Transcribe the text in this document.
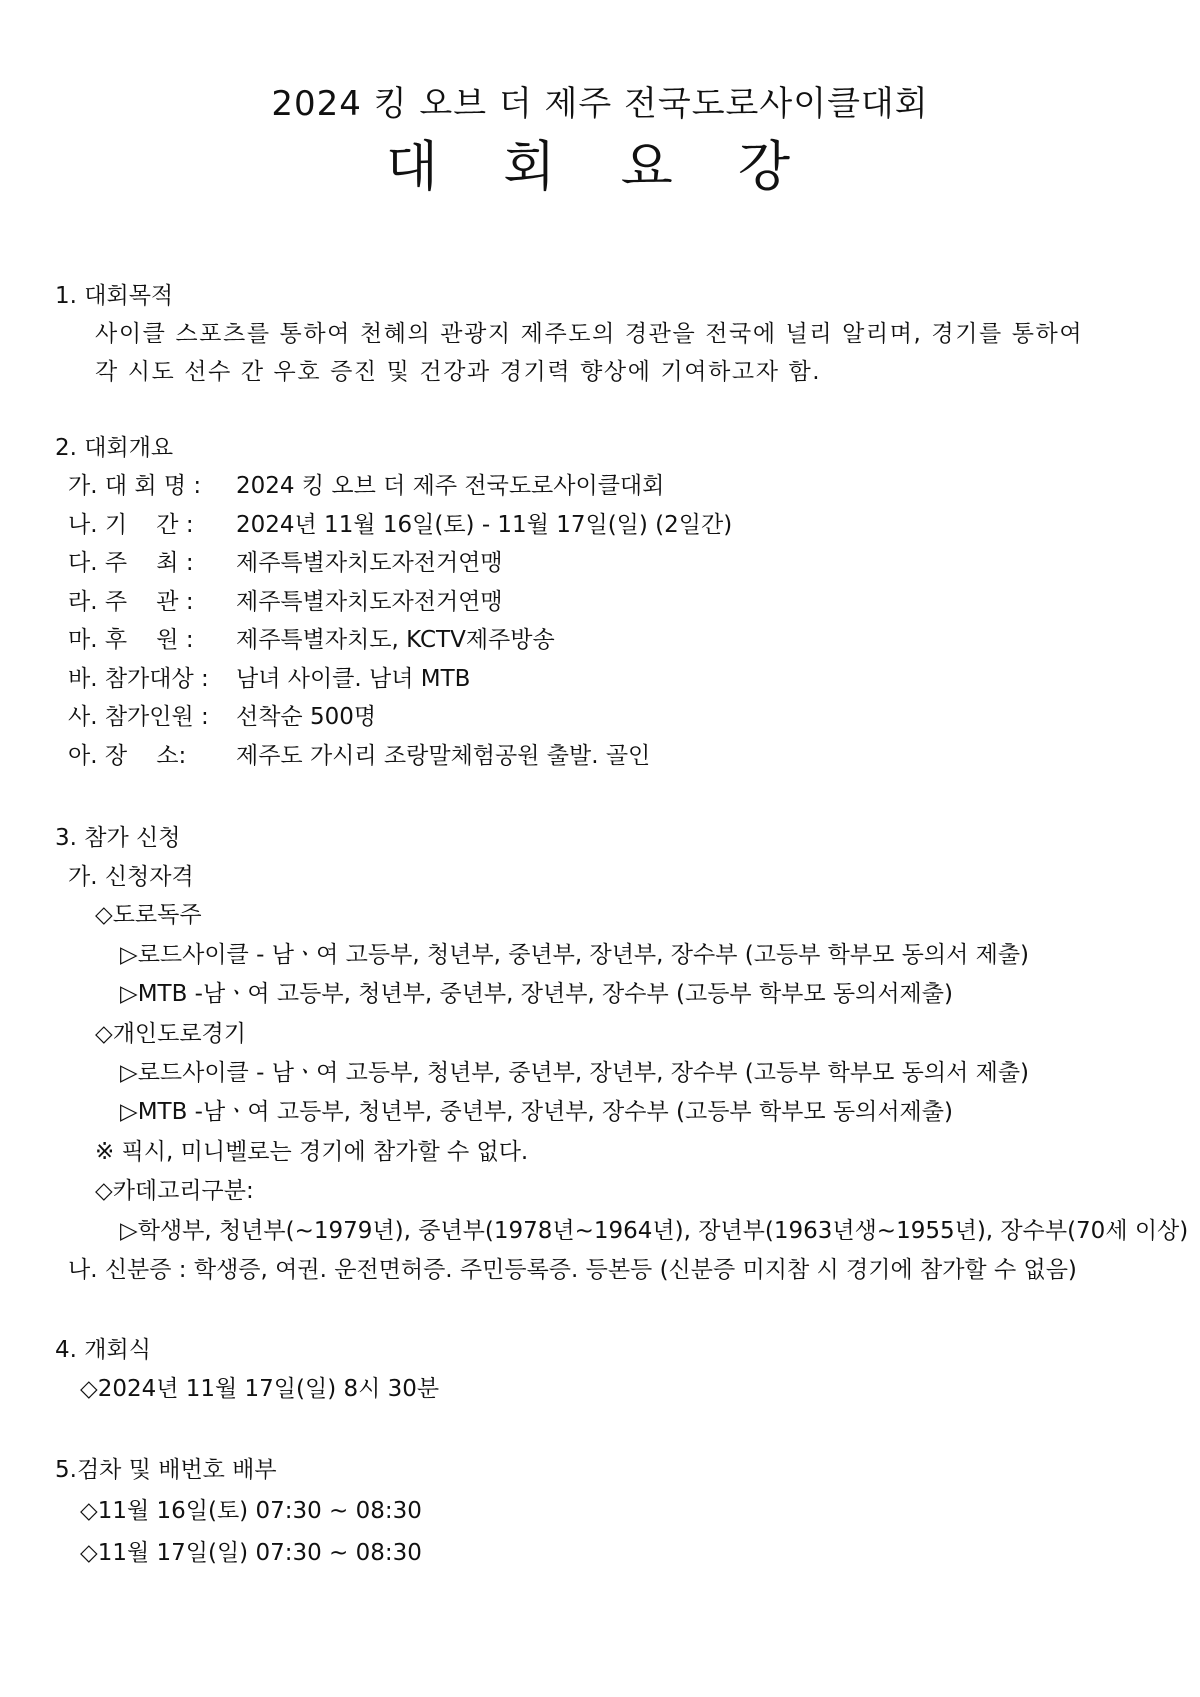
2024 킹 오브 더 제주 전국도로사이클대회
대 회 요 강
1. 대회목적
사이클 스포츠를 통하여 천혜의 관광지 제주도의 경관을 전국에 널리 알리며, 경기를 통하여
각 시도 선수 간 우호 증진 및 건강과 경기력 향상에 기여하고자 함.
2. 대회개요
가. 대 회 명 : 2024 킹 오브 더 제주 전국도로사이클대회
나. 기    간 : 2024년 11월 16일(토) - 11월 17일(일) (2일간)
다. 주    최 : 제주특별자치도자전거연맹
라. 주    관 : 제주특별자치도자전거연맹
마. 후    원 : 제주특별자치도, KCTV제주방송
바. 참가대상 : 남녀 사이클. 남녀 MTB
사. 참가인원 : 선착순 500명
아. 장    소: 제주도 가시리 조랑말체험공원 출발. 골인
3. 참가 신청
가. 신청자격
◇도로독주
▷로드사이클 - 남ㆍ여 고등부, 청년부, 중년부, 장년부, 장수부 (고등부 학부모 동의서 제출)
▷MTB -남ㆍ여 고등부, 청년부, 중년부, 장년부, 장수부 (고등부 학부모 동의서제출)
◇개인도로경기
▷로드사이클 - 남ㆍ여 고등부, 청년부, 중년부, 장년부, 장수부 (고등부 학부모 동의서 제출)
▷MTB -남ㆍ여 고등부, 청년부, 중년부, 장년부, 장수부 (고등부 학부모 동의서제출)
※ 픽시, 미니벨로는 경기에 참가할 수 없다.
◇카데고리구분:
▷학생부, 청년부(~1979년), 중년부(1978년~1964년), 장년부(1963년생~1955년), 장수부(70세 이상)
나. 신분증 : 학생증, 여권. 운전면허증. 주민등록증. 등본등 (신분증 미지참 시 경기에 참가할 수 없음)
4. 개회식
◇2024년 11월 17일(일) 8시 30분
5.검차 및 배번호 배부
◇11월 16일(토) 07:30 ~ 08:30
◇11월 17일(일) 07:30 ~ 08:30
